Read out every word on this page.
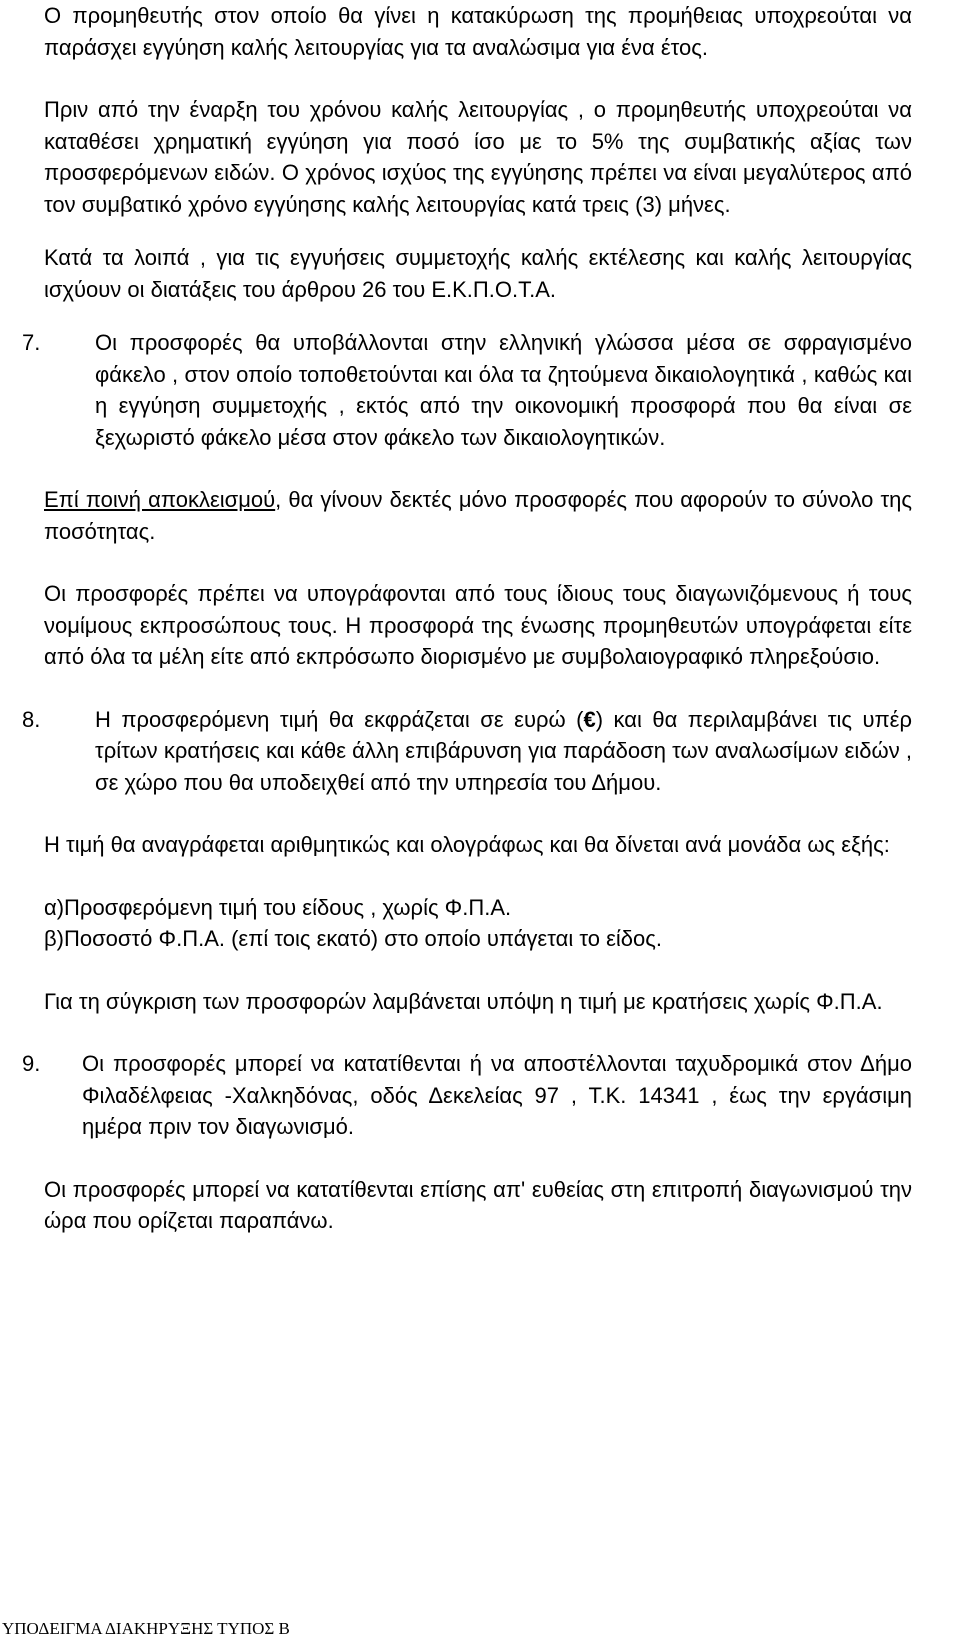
Ο προμηθευτής στον οποίο θα γίνει η κατακύρωση της προμήθειας υποχρεούται να παράσχει εγγύηση καλής λειτουργίας για τα αναλώσιμα για ένα έτος.

Πριν από την έναρξη του χρόνου καλής λειτουργίας , ο προμηθευτής υποχρεούται να καταθέσει χρηματική εγγύηση για ποσό ίσο με το 5% της συμβατικής αξίας των προσφερόμενων ειδών. Ο χρόνος ισχύος της εγγύησης πρέπει να είναι μεγαλύτερος από τον συμβατικό χρόνο εγγύησης καλής λειτουργίας κατά τρεις (3) μήνες.

Κατά τα λοιπά , για τις εγγυήσεις συμμετοχής καλής εκτέλεσης και καλής λειτουργίας ισχύουν οι διατάξεις του άρθρου 26 του Ε.Κ.Π.Ο.Τ.Α.

7. Οι προσφορές θα υποβάλλονται στην ελληνική γλώσσα μέσα σε σφραγισμένο φάκελο , στον οποίο τοποθετούνται και όλα τα ζητούμενα δικαιολογητικά , καθώς και η εγγύηση συμμετοχής , εκτός από την οικονομική προσφορά που θα είναι σε ξεχωριστό φάκελο μέσα στον φάκελο των δικαιολογητικών.

Επί ποινή αποκλεισμού, θα γίνουν δεκτές μόνο προσφορές που αφορούν το σύνολο της ποσότητας.

Οι προσφορές πρέπει να υπογράφονται από τους ίδιους τους διαγωνιζόμενους ή τους νομίμους εκπροσώπους τους. Η προσφορά της ένωσης προμηθευτών υπογράφεται είτε από όλα τα μέλη είτε από εκπρόσωπο διορισμένο με συμβολαιογραφικό πληρεξούσιο.

8. Η προσφερόμενη τιμή θα εκφράζεται σε ευρώ (€) και θα περιλαμβάνει τις υπέρ τρίτων κρατήσεις και κάθε άλλη επιβάρυνση για παράδοση των αναλωσίμων ειδών , σε χώρο που θα υποδειχθεί από την υπηρεσία του Δήμου.

Η τιμή θα αναγράφεται αριθμητικώς και ολογράφως και θα δίνεται ανά μονάδα ως εξής:

α)Προσφερόμενη τιμή του είδους , χωρίς Φ.Π.Α.

β)Ποσοστό Φ.Π.Α. (επί τοις εκατό) στο οποίο υπάγεται το είδος.

Για τη σύγκριση των προσφορών λαμβάνεται υπόψη η τιμή με κρατήσεις χωρίς Φ.Π.Α.

9. Οι προσφορές μπορεί να κατατίθενται ή να αποστέλλονται ταχυδρομικά στον Δήμο Φιλαδέλφειας -Χαλκηδόνας, οδός Δεκελείας 97 , Τ.Κ. 14341 , έως την εργάσιμη ημέρα πριν τον διαγωνισμό.

Οι προσφορές μπορεί να κατατίθενται επίσης απ' ευθείας στη επιτροπή διαγωνισμού την ώρα που ορίζεται παραπάνω.

ΥΠΟΔΕΙΓΜΑ ΔΙΑΚΗΡΥΞΗΣ ΤΥΠΟΣ Β
